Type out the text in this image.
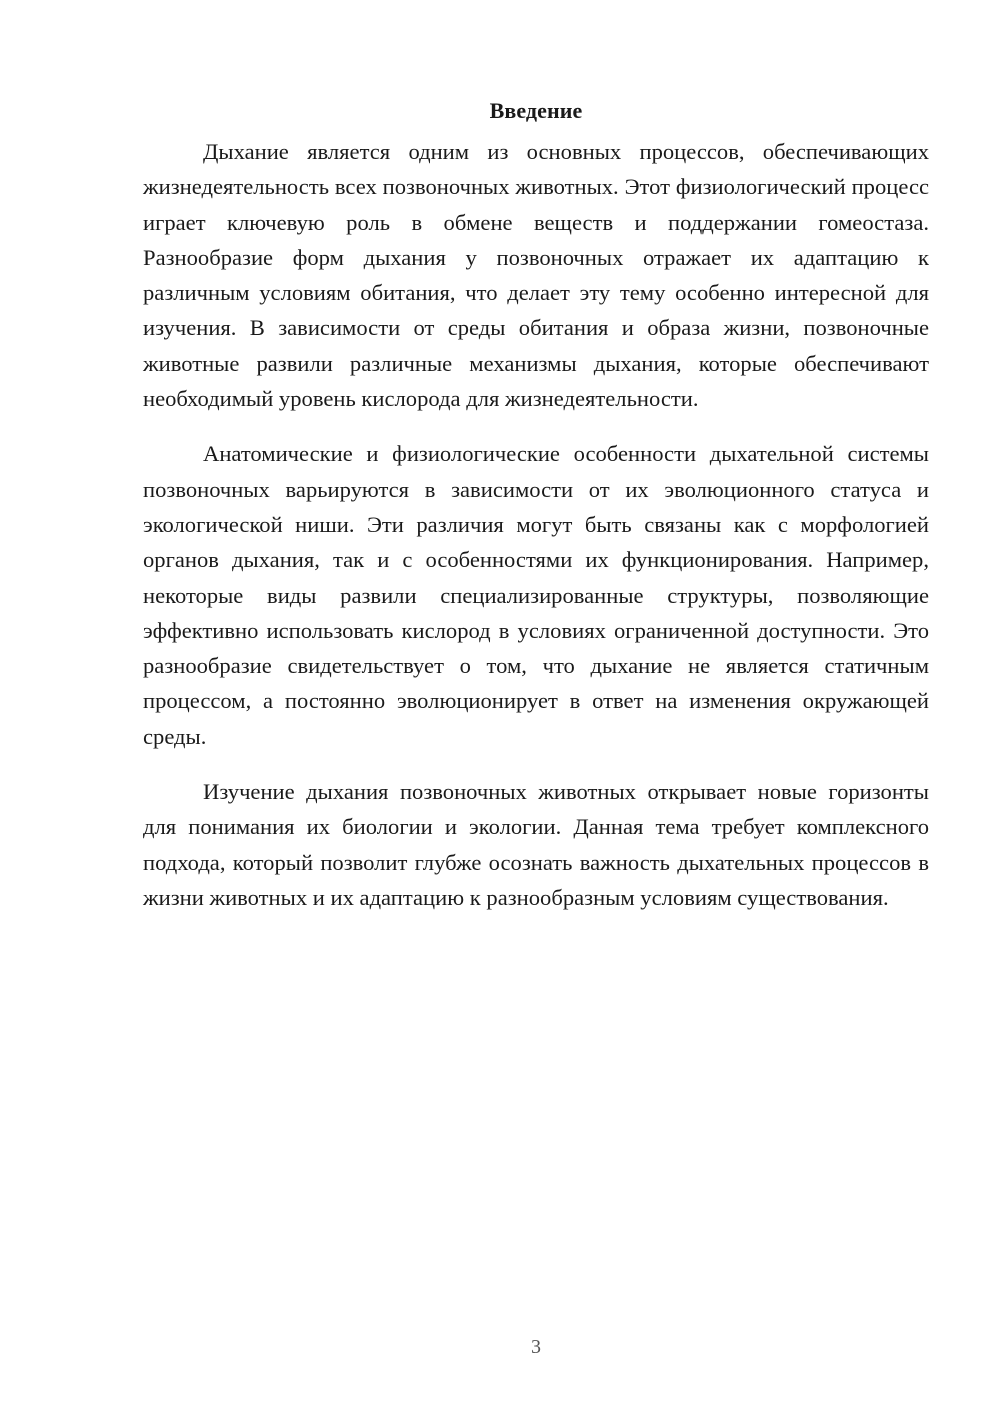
Введение

Дыхание является одним из основных процессов, обеспечивающих жизнедеятельность всех позвоночных животных. Этот физиологический процесс играет ключевую роль в обмене веществ и поддержании гомеостаза. Разнообразие форм дыхания у позвоночных отражает их адаптацию к различным условиям обитания, что делает эту тему особенно интересной для изучения. В зависимости от среды обитания и образа жизни, позвоночные животные развили различные механизмы дыхания, которые обеспечивают необходимый уровень кислорода для жизнедеятельности.

Анатомические и физиологические особенности дыхательной системы позвоночных варьируются в зависимости от их эволюционного статуса и экологической ниши. Эти различия могут быть связаны как с морфологией органов дыхания, так и с особенностями их функционирования. Например, некоторые виды развили специализированные структуры, позволяющие эффективно использовать кислород в условиях ограниченной доступности. Это разнообразие свидетельствует о том, что дыхание не является статичным процессом, а постоянно эволюционирует в ответ на изменения окружающей среды.

Изучение дыхания позвоночных животных открывает новые горизонты для понимания их биологии и экологии. Данная тема требует комплексного подхода, который позволит глубже осознать важность дыхательных процессов в жизни животных и их адаптацию к разнообразным условиям существования.

3
